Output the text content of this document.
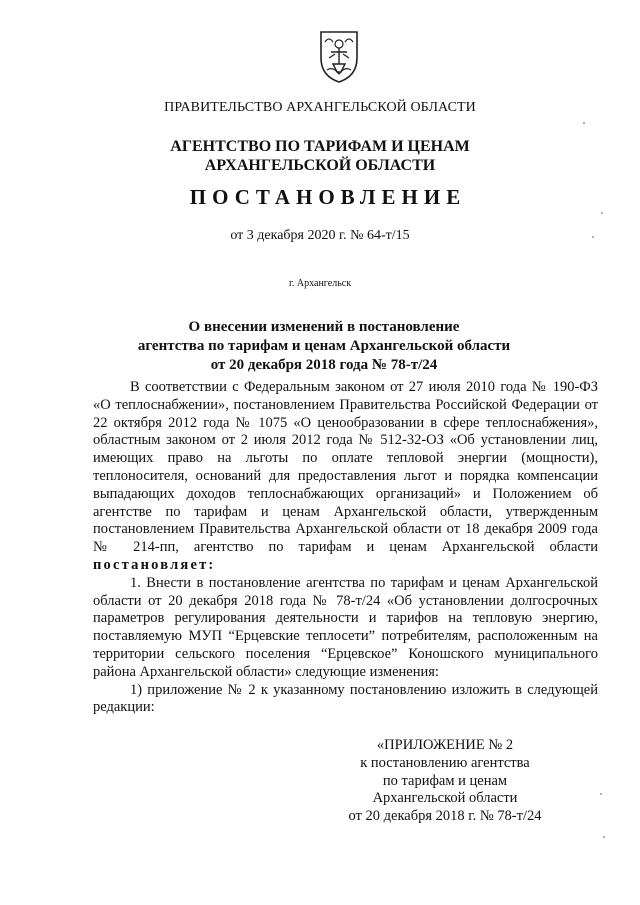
ПРАВИТЕЛЬСТВО АРХАНГЕЛЬСКОЙ ОБЛАСТИ
АГЕНТСТВО ПО ТАРИФАМ И ЦЕНАМ
АРХАНГЕЛЬСКОЙ ОБЛАСТИ
ПОСТАНОВЛЕНИЕ
от 3 декабря 2020 г. № 64-т/15
г. Архангельск
О внесении изменений в постановление
агентства по тарифам и ценам Архангельской области
от 20 декабря 2018 года № 78-т/24

В соответствии с Федеральным законом от 27 июля 2010 года № 190-ФЗ «О теплоснабжении», постановлением Правительства Российской Федерации от 22 октября 2012 года № 1075 «О ценообразовании в сфере теплоснабжения», областным законом от 2 июля 2012 года № 512-32-ОЗ «Об установлении лиц, имеющих право на льготы по оплате тепловой энергии (мощности), теплоносителя, оснований для предоставления льгот и порядка компенсации выпадающих доходов теплоснабжающих организаций» и Положением об агентстве по тарифам и ценам Архангельской области, утвержденным постановлением Правительства Архангельской области от 18 декабря 2009 года № 214-пп, агентство по тарифам и ценам Архангельской области постановляет:

1. Внести в постановление агентства по тарифам и ценам Архангельской области от 20 декабря 2018 года № 78-т/24 «Об установлении долгосрочных параметров регулирования деятельности и тарифов на тепловую энергию, поставляемую МУП “Ерцевские теплосети” потребителям, расположенным на территории сельского поселения “Ерцевское” Коношского муниципального района Архангельской области» следующие изменения:

1) приложение № 2 к указанному постановлению изложить в следующей редакции:

«ПРИЛОЖЕНИЕ № 2
к постановлению агентства
по тарифам и ценам
Архангельской области
от 20 декабря 2018 г. № 78-т/24
